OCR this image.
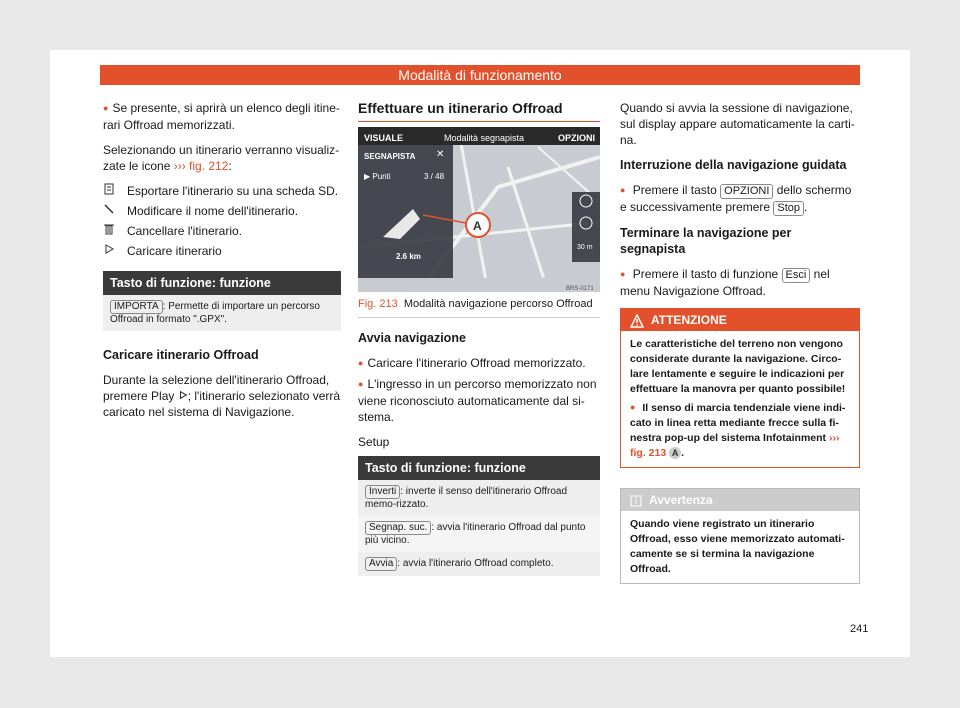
Modalità di funzionamento

● Se presente, si aprirà un elenco degli itine-rari Offroad memorizzati.

Selezionando un itinerario verranno visualiz-zate le icone ››› fig. 212:

Esportare l'itinerario su una scheda SD.
Modificare il nome dell'itinerario.
Cancellare l'itinerario.
Caricare itinerario
Tasto di funzione: funzione
IMPORTA : Permette di importare un percorso Offroad in formato ".GPX".

Caricare itinerario Offroad

Durante la selezione dell'itinerario Offroad, premere Play ; l'itinerario selezionato verrà caricato nel sistema di Navigazione.

Effettuare un itinerario Offroad
VISUALE	Modalità segnapista	OPZIONI
SEGNAPISTA ✕
▶ Punti	3 / 48
2.6 km
30 m
A
BRS-0171
Fig. 213 Modalità navigazione percorso Offroad

Avvia navigazione

● Caricare l'itinerario Offroad memorizzato.

● L'ingresso in un percorso memorizzato non viene riconosciuto automaticamente dal si-stema.

Setup

Tasto di funzione: funzione
Inverti : inverte il senso dell'itinerario Offroad memo-rizzato.
Segnap. suc. : avvia l'itinerario Offroad dal punto più vicino.
Avvia : avvia l'itinerario Offroad completo.

Quando si avvia la sessione di navigazione, sul display appare automaticamente la carti-na.

Interruzione della navigazione guidata

● Premere il tasto OPZIONI dello schermo e successivamente premere Stop .

Terminare la navigazione per segnapista

● Premere il tasto di funzione Esci nel menu Navigazione Offroad.

ATTENZIONE
Le caratteristiche del terreno non vengono considerate durante la navigazione. Circo-lare lentamente e seguire le indicazioni per effettuare la manovra per quanto possibile!
● Il senso di marcia tendenziale viene indi-cato in linea retta mediante frecce sulla fi-nestra pop-up del sistema Infotainment ››› fig. 213 A .
Avvertenza
Quando viene registrato un itinerario Offroad, esso viene memorizzato automati-camente se si termina la navigazione Offroad.
241
